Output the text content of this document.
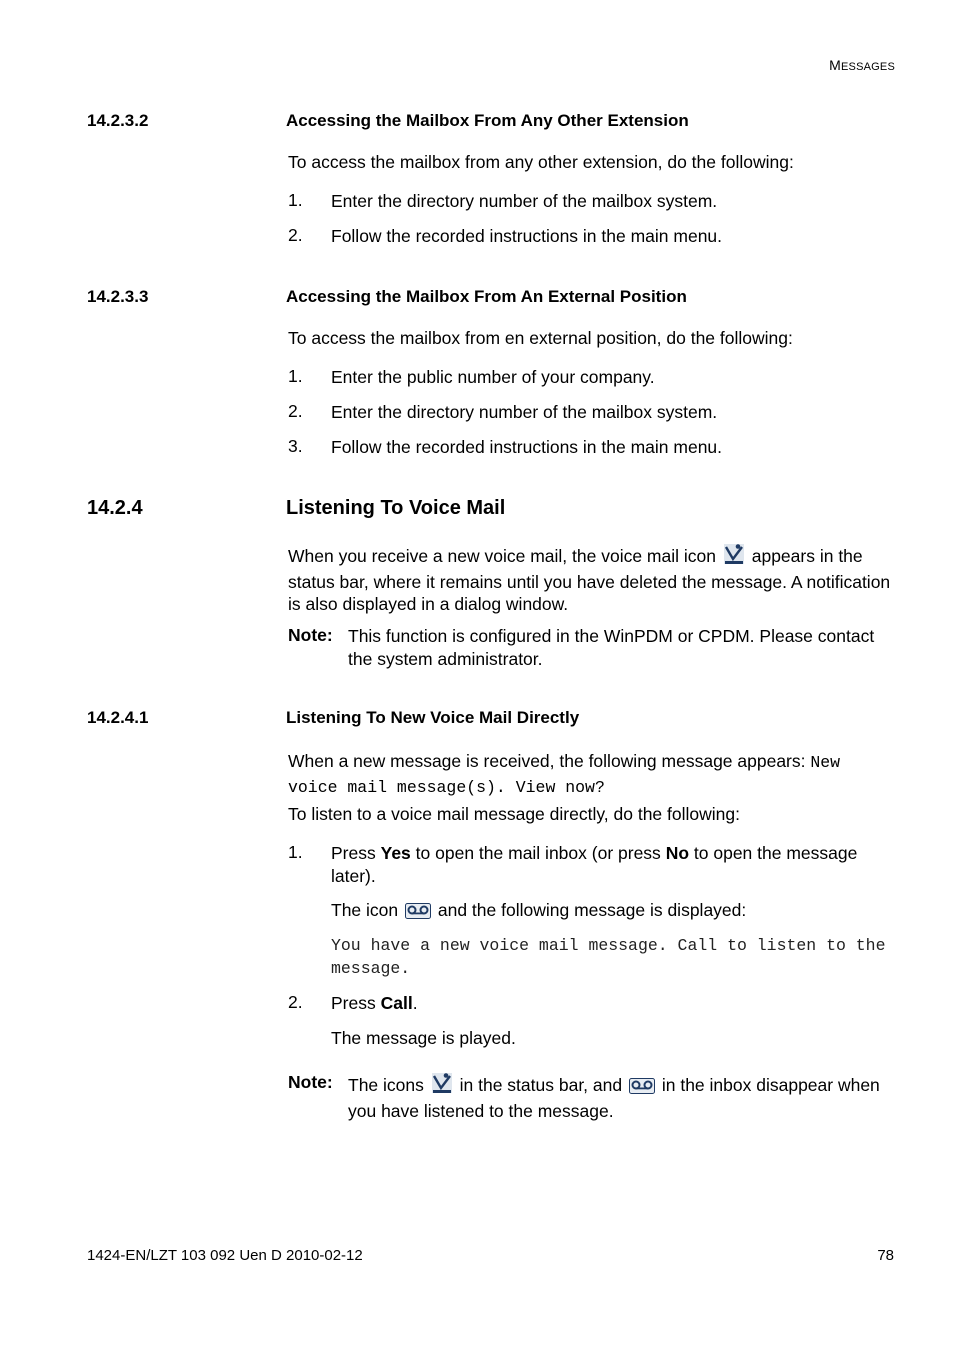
MESSAGES
14.2.3.2	Accessing the Mailbox From Any Other Extension
To access the mailbox from any other extension, do the following:
1. Enter the directory number of the mailbox system.
2. Follow the recorded instructions in the main menu.
14.2.3.3	Accessing the Mailbox From An External Position
To access the mailbox from en external position, do the following:
1. Enter the public number of your company.
2. Enter the directory number of the mailbox system.
3. Follow the recorded instructions in the main menu.
14.2.4	Listening To Voice Mail
When you receive a new voice mail, the voice mail icon appears in the status bar, where it remains until you have deleted the message. A notification is also displayed in a dialog window.
Note: This function is configured in the WinPDM or CPDM. Please contact the system administrator.
14.2.4.1	Listening To New Voice Mail Directly
When a new message is received, the following message appears: New voice mail message(s). View now?
To listen to a voice mail message directly, do the following:
1. Press Yes to open the mail inbox (or press No to open the message later).
The icon and the following message is displayed:
You have a new voice mail message. Call to listen to the message.
2. Press Call.
The message is played.
Note: The icons in the status bar, and in the inbox disappear when you have listened to the message.
1424-EN/LZT 103 092 Uen D 2010-02-12	78
